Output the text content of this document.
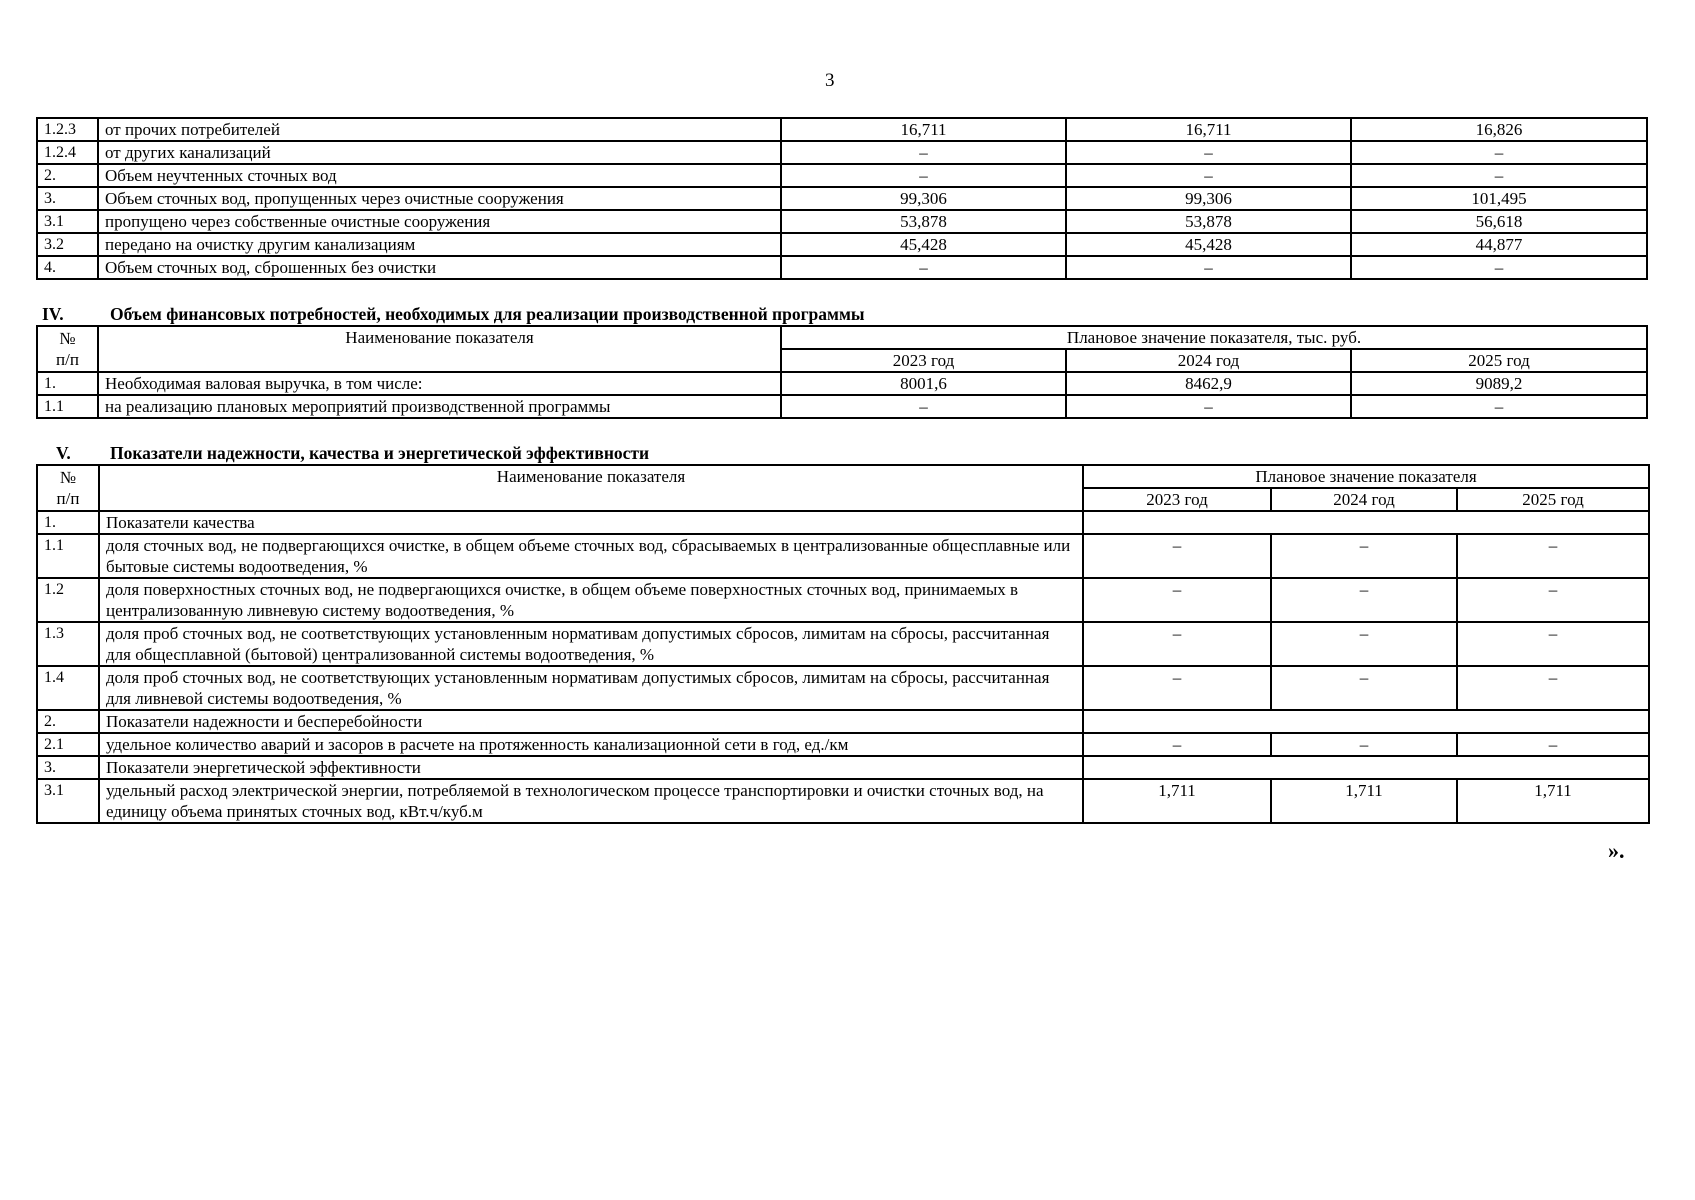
3
1.2.3	от прочих потребителей	16,711	16,711	16,826
1.2.4	от других канализаций	–	–	–
2.	Объем неучтенных сточных вод	–	–	–
3.	Объем сточных вод, пропущенных через очистные сооружения	99,306	99,306	101,495
3.1	пропущено через собственные очистные сооружения	53,878	53,878	56,618
3.2	передано на очистку другим канализациям	45,428	45,428	44,877
4.	Объем сточных вод, сброшенных без очистки	–	–	–
IV.	Объем финансовых потребностей, необходимых для реализации производственной программы
№
п/п	Наименование показателя	Плановое значение показателя, тыс. руб.		
		2023 год	2024 год	2025 год
1.	Необходимая валовая выручка, в том числе:	8001,6	8462,9	9089,2
1.1	на реализацию плановых мероприятий производственной программы	–	–	–
V. Показатели надежности, качества и энергетической эффективности
№
п/п	Наименование показателя	Плановое значение показателя		
		2023 год	2024 год	2025 год
1.	Показатели качества			
1.1	доля сточных вод, не подвергающихся очистке, в общем объеме сточных вод, сбрасываемых в централизованные общесплавные или бытовые системы водоотведения, %	–	–	–
1.2	доля поверхностных сточных вод, не подвергающихся очистке, в общем объеме поверхностных сточных вод, принимаемых в централизованную ливневую систему водоотведения, %	–	–	–
1.3	доля проб сточных вод, не соответствующих установленным нормативам допустимых сбросов, лимитам на сбросы, рассчитанная для общесплавной (бытовой) централизованной системы водоотведения, %	–	–	–
1.4	доля проб сточных вод, не соответствующих установленным нормативам допустимых сбросов, лимитам на сбросы, рассчитанная для ливневой системы водоотведения, %	–	–	–
2.	Показатели надежности и бесперебойности			
2.1	удельное количество аварий и засоров в расчете на протяженность канализационной сети в год, ед./км	–	–	–
3.	Показатели энергетической эффективности			
3.1	удельный расход электрической энергии, потребляемой в технологическом процессе транспортировки и очистки сточных вод, на единицу объема принятых сточных вод, кВт.ч/куб.м	1,711	1,711	1,711
».
